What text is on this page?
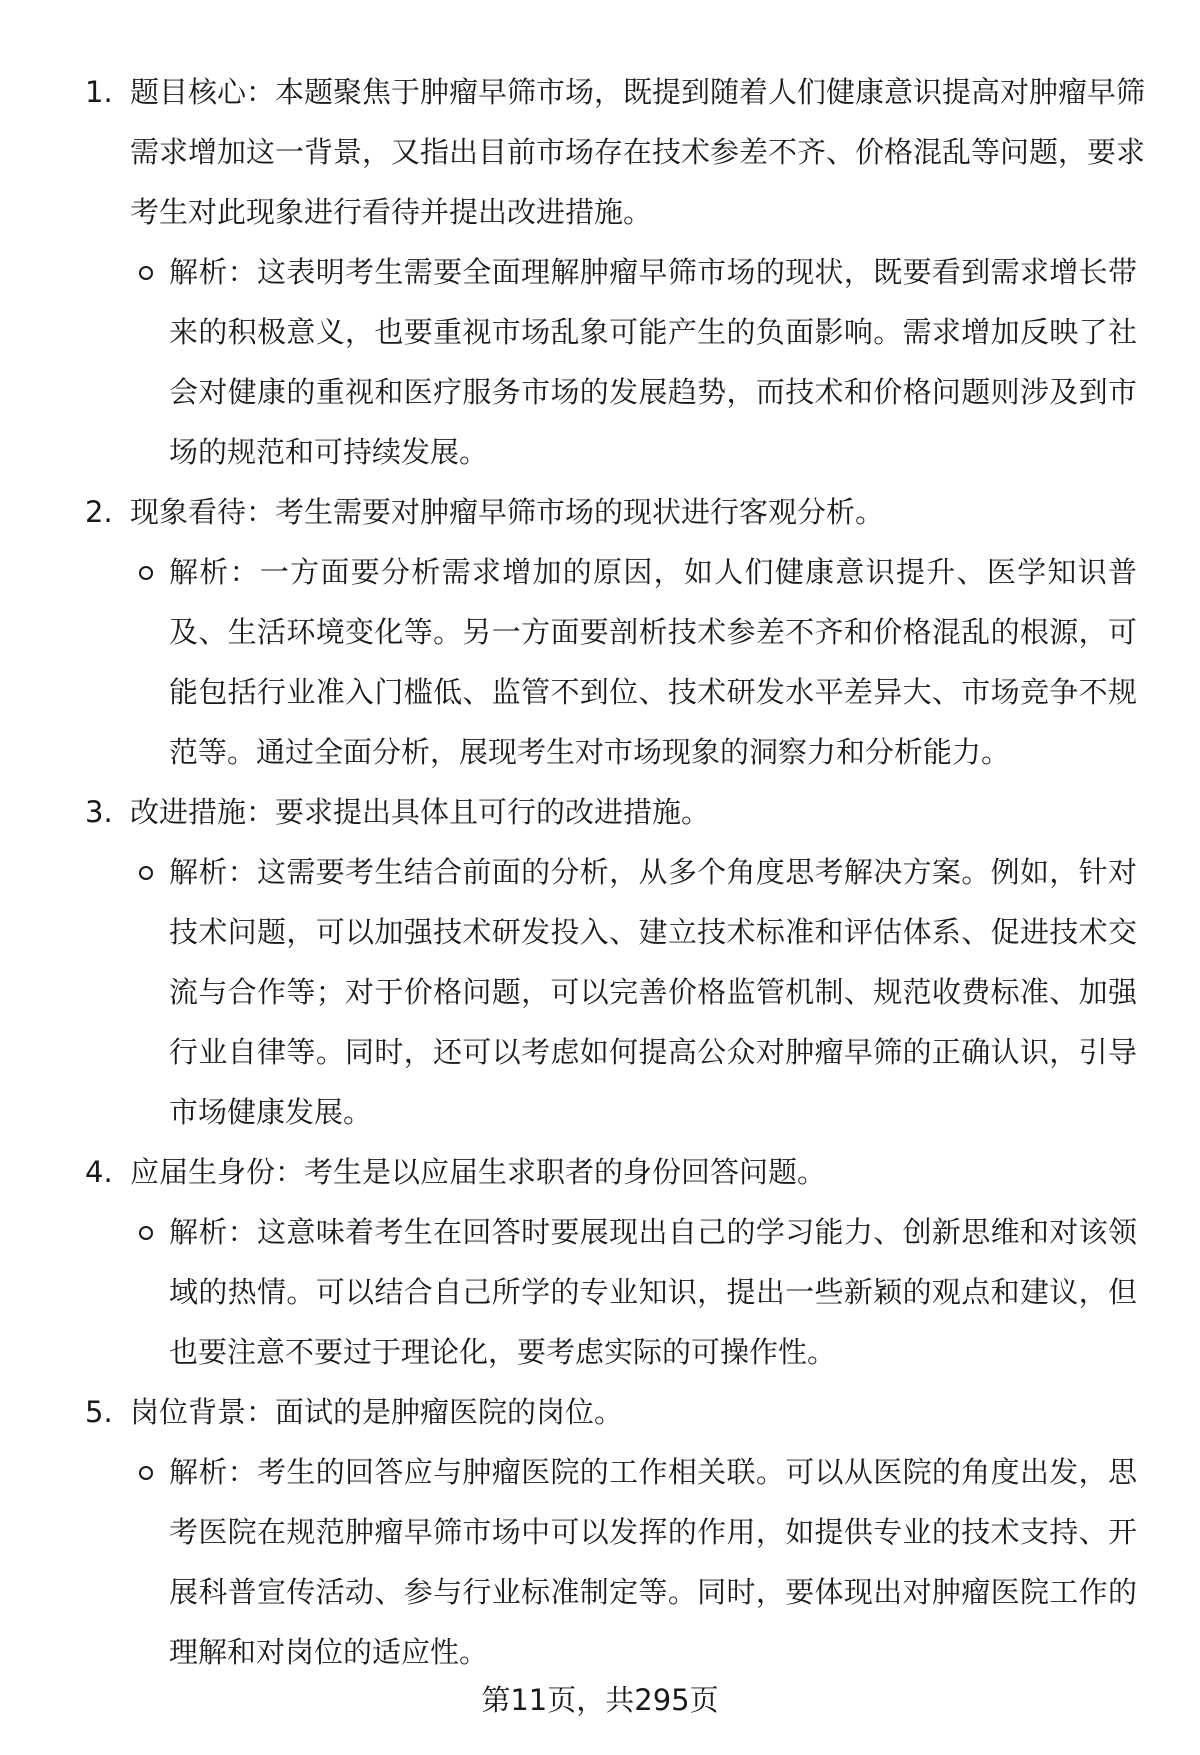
1. 题目核心：本题聚焦于肿瘤早筛市场，既提到随着人们健康意识提高对肿瘤早筛需求增加这一背景，又指出目前市场存在技术参差不齐、价格混乱等问题，要求考生对此现象进行看待并提出改进措施。
解析：这表明考生需要全面理解肿瘤早筛市场的现状，既要看到需求增长带来的积极意义，也要重视市场乱象可能产生的负面影响。需求增加反映了社会对健康的重视和医疗服务市场的发展趋势，而技术和价格问题则涉及到市场的规范和可持续发展。
2. 现象看待：考生需要对肿瘤早筛市场的现状进行客观分析。
解析：一方面要分析需求增加的原因，如人们健康意识提升、医学知识普及、生活环境变化等。另一方面要剖析技术参差不齐和价格混乱的根源，可能包括行业准入门槛低、监管不到位、技术研发水平差异大、市场竞争不规范等。通过全面分析，展现考生对市场现象的洞察力和分析能力。
3. 改进措施：要求提出具体且可行的改进措施。
解析：这需要考生结合前面的分析，从多个角度思考解决方案。例如，针对技术问题，可以加强技术研发投入、建立技术标准和评估体系、促进技术交流与合作等；对于价格问题，可以完善价格监管机制、规范收费标准、加强行业自律等。同时，还可以考虑如何提高公众对肿瘤早筛的正确认识，引导市场健康发展。
4. 应届生身份：考生是以应届生求职者的身份回答问题。
解析：这意味着考生在回答时要展现出自己的学习能力、创新思维和对该领域的热情。可以结合自己所学的专业知识，提出一些新颖的观点和建议，但也要注意不要过于理论化，要考虑实际的可操作性。
5. 岗位背景：面试的是肿瘤医院的岗位。
解析：考生的回答应与肿瘤医院的工作相关联。可以从医院的角度出发，思考医院在规范肿瘤早筛市场中可以发挥的作用，如提供专业的技术支持、开展科普宣传活动、参与行业标准制定等。同时，要体现出对肿瘤医院工作的理解和对岗位的适应性。
第11页，共295页
